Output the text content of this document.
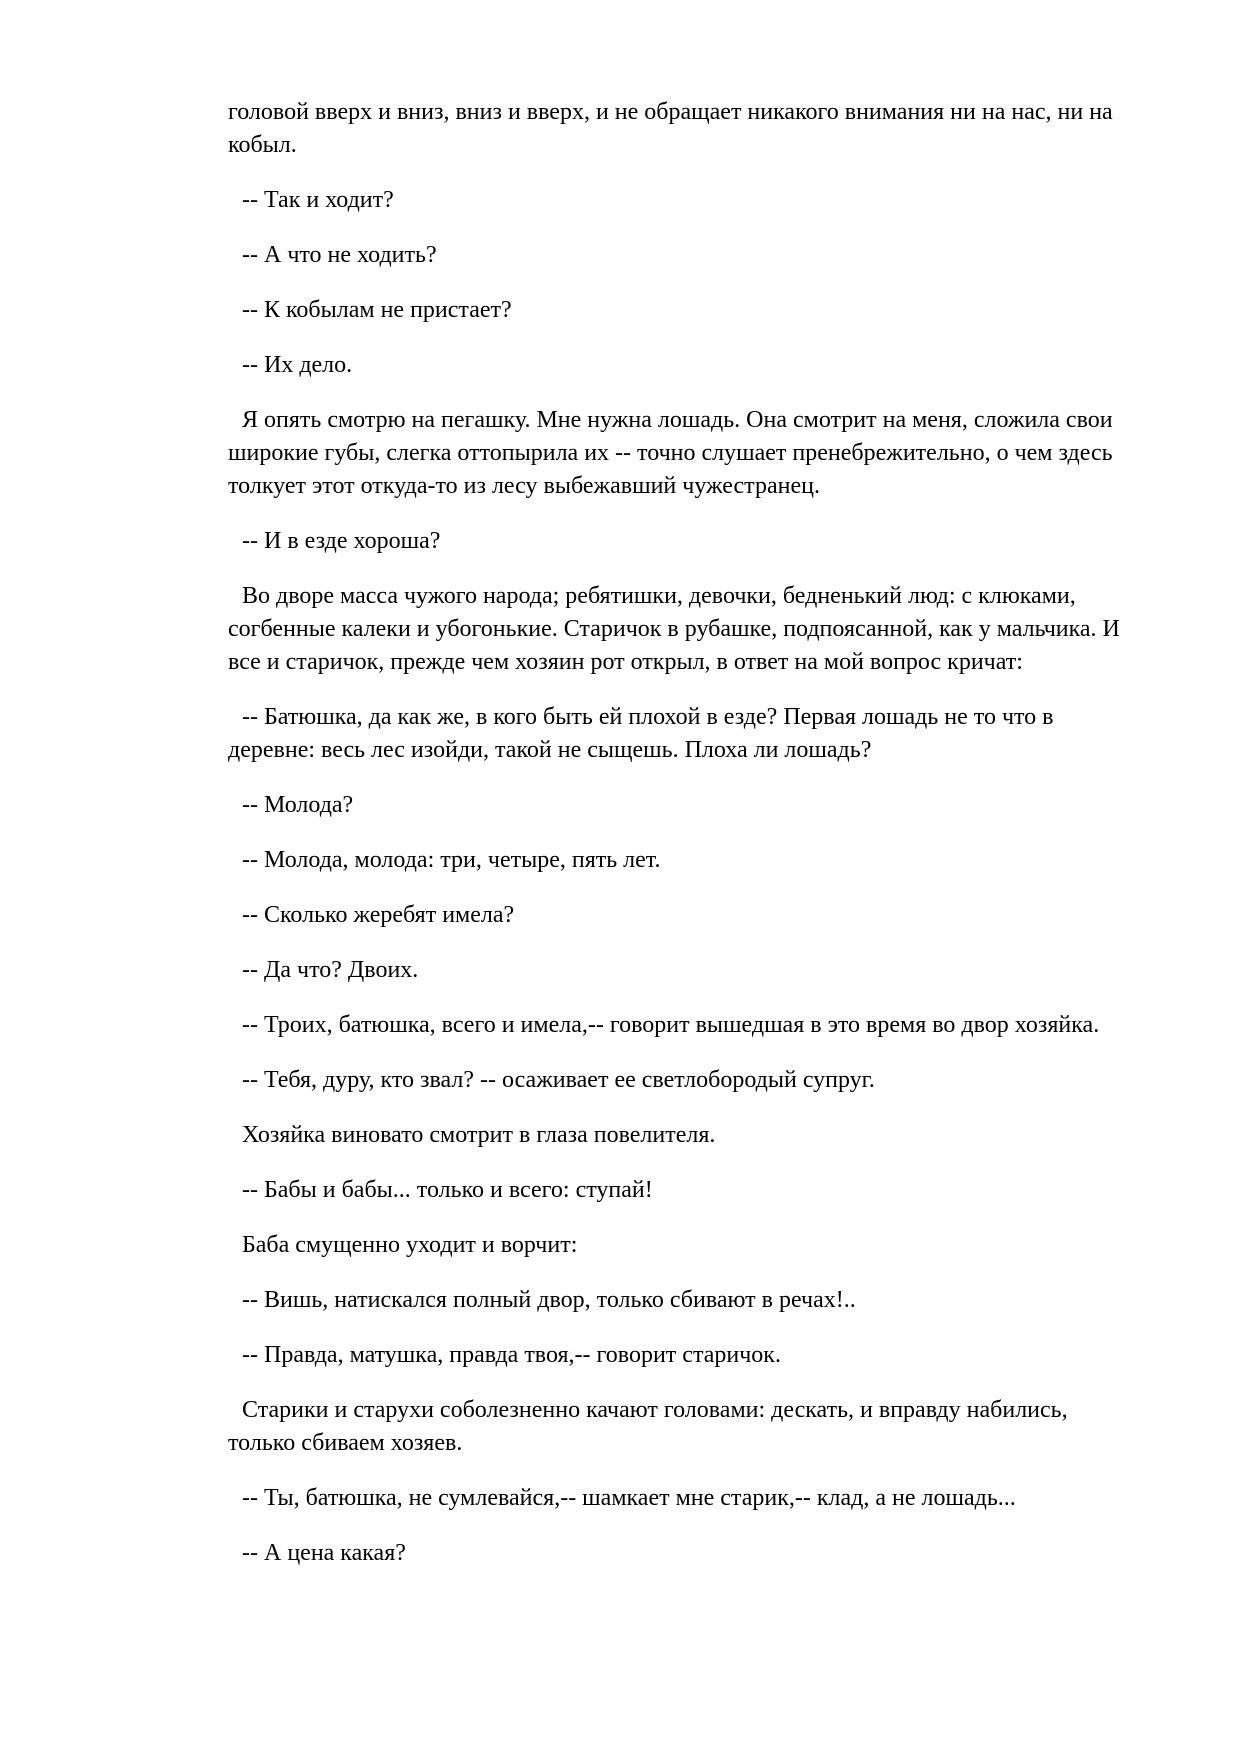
головой вверх и вниз, вниз и вверх, и не обращает никакого внимания ни на нас, ни на кобыл.

-- Так и ходит?

-- А что не ходить?

-- К кобылам не пристает?

-- Их дело.

Я опять смотрю на пегашку. Мне нужна лошадь. Она смотрит на меня, сложила свои широкие губы, слегка оттопырила их -- точно слушает пренебрежительно, о чем здесь толкует этот откуда-то из лесу выбежавший чужестранец.

-- И в езде хороша?

Во дворе масса чужого народа; ребятишки, девочки, бедненький люд: с клюками, согбенные калеки и убогонькие. Старичок в рубашке, подпоясанной, как у мальчика. И все и старичок, прежде чем хозяин рот открыл, в ответ на мой вопрос кричат:

-- Батюшка, да как же, в кого быть ей плохой в езде? Первая лошадь не то что в деревне: весь лес изойди, такой не сыщешь. Плоха ли лошадь?

-- Молода?

-- Молода, молода: три, четыре, пять лет.

-- Сколько жеребят имела?

-- Да что? Двоих.

-- Троих, батюшка, всего и имела,-- говорит вышедшая в это время во двор хозяйка.

-- Тебя, дуру, кто звал? -- осаживает ее светлобородый супруг.

Хозяйка виновато смотрит в глаза повелителя.

-- Бабы и бабы... только и всего: ступай!

Баба смущенно уходит и ворчит:

-- Вишь, натискался полный двор, только сбивают в речах!..

-- Правда, матушка, правда твоя,-- говорит старичок.

Старики и старухи соболезненно качают головами: дескать, и вправду набились, только сбиваем хозяев.

-- Ты, батюшка, не сумлевайся,-- шамкает мне старик,-- клад, а не лошадь...

-- А цена какая?
